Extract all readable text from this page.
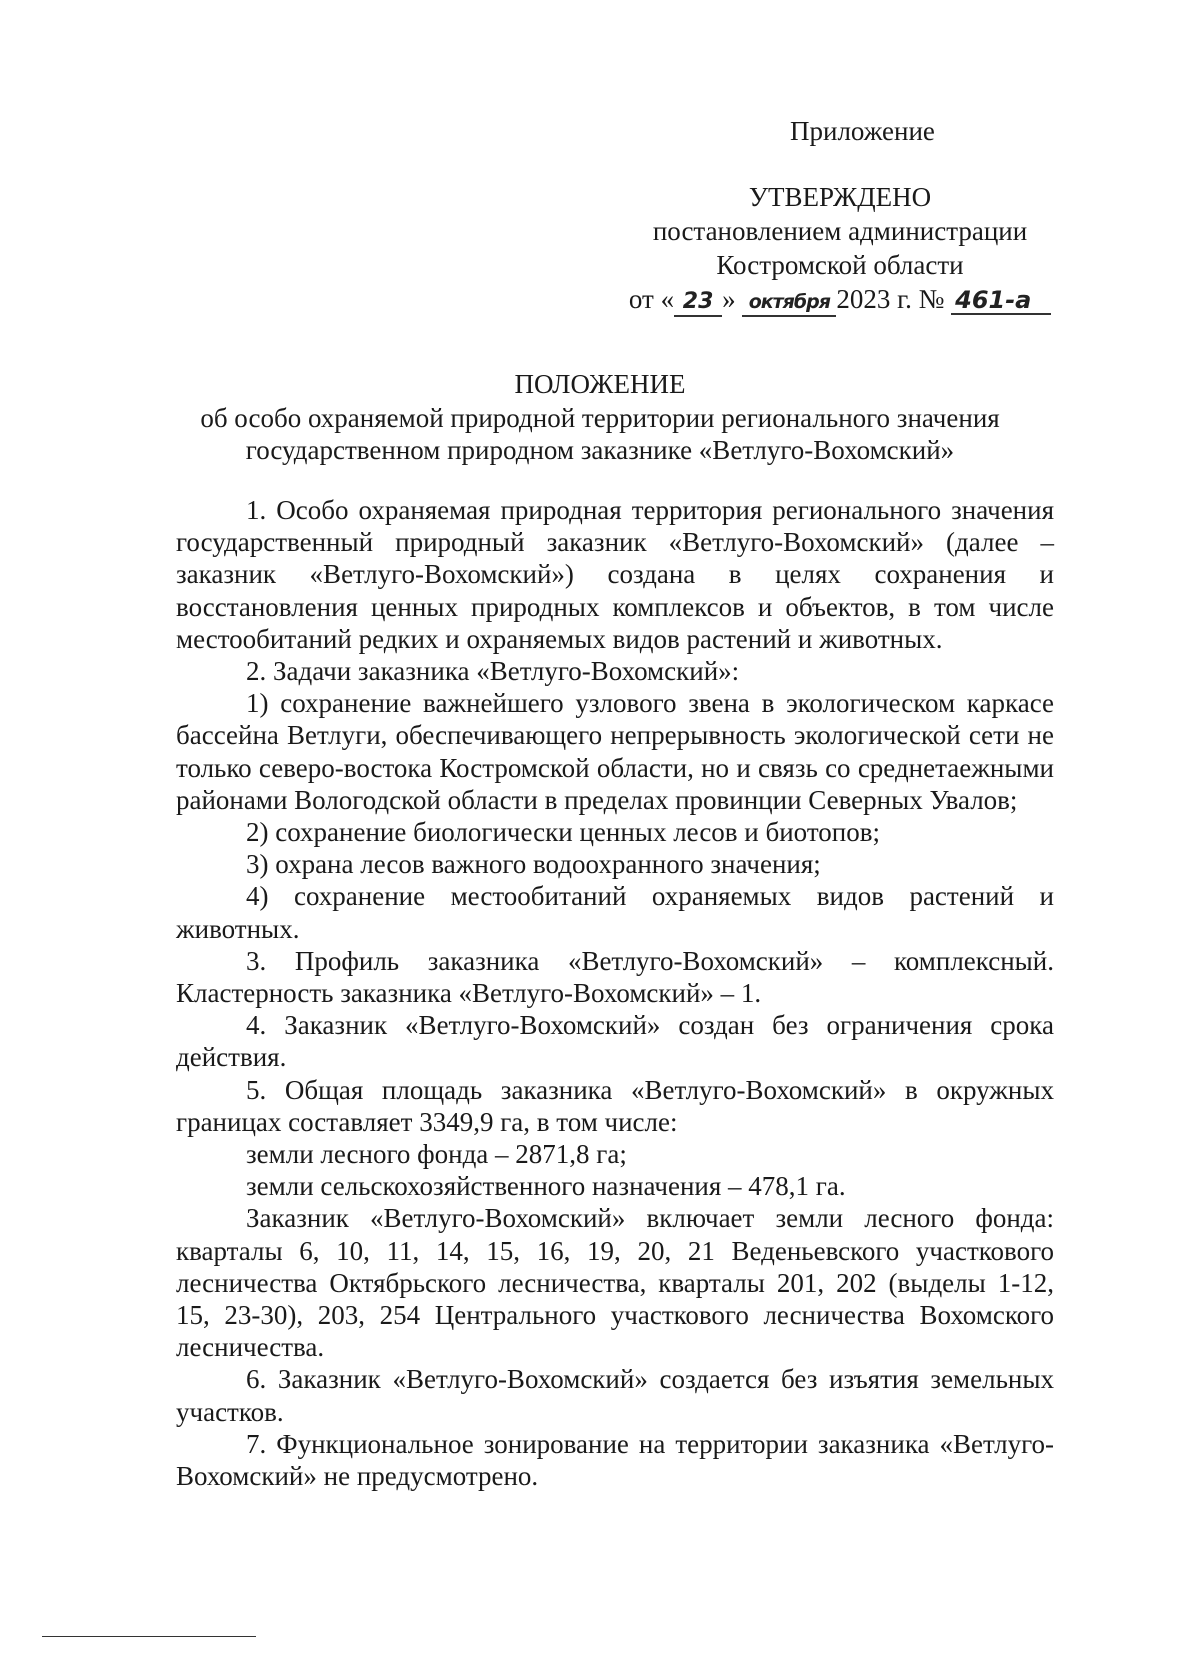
Приложение
УТВЕРЖДЕНО
постановлением администрации
Костромской области
от « 23 » октября 2023 г. № 461-а
ПОЛОЖЕНИЕ
об особо охраняемой природной территории регионального значения
государственном природном заказнике «Ветлуго-Вохомский»

1. Особо охраняемая природная территория регионального значения государственный природный заказник «Ветлуго-Вохомский» (далее – заказник «Ветлуго-Вохомский») создана в целях сохранения и восстановления ценных природных комплексов и объектов, в том числе местообитаний редких и охраняемых видов растений и животных.

2. Задачи заказника «Ветлуго-Вохомский»:

1) сохранение важнейшего узлового звена в экологическом каркасе бассейна Ветлуги, обеспечивающего непрерывность экологической сети не только северо-востока Костромской области, но и связь со среднетаежными районами Вологодской области в пределах провинции Северных Увалов;

2) сохранение биологически ценных лесов и биотопов;

3) охрана лесов важного водоохранного значения;

4) сохранение местообитаний охраняемых видов растений и животных.

3. Профиль заказника «Ветлуго-Вохомский» – комплексный. Кластерность заказника «Ветлуго-Вохомский» – 1.

4. Заказник «Ветлуго-Вохомский» создан без ограничения срока действия.

5. Общая площадь заказника «Ветлуго-Вохомский» в окружных границах составляет 3349,9 га, в том числе:

земли лесного фонда – 2871,8 га;

земли сельскохозяйственного назначения – 478,1 га.

Заказник «Ветлуго-Вохомский» включает земли лесного фонда: кварталы 6, 10, 11, 14, 15, 16, 19, 20, 21 Веденьевского участкового лесничества Октябрьского лесничества, кварталы 201, 202 (выделы 1-12, 15, 23-30), 203, 254 Центрального участкового лесничества Вохомского лесничества.

6. Заказник «Ветлуго-Вохомский» создается без изъятия земельных участков.

7. Функциональное зонирование на территории заказника «Ветлуго-Вохомский» не предусмотрено.
